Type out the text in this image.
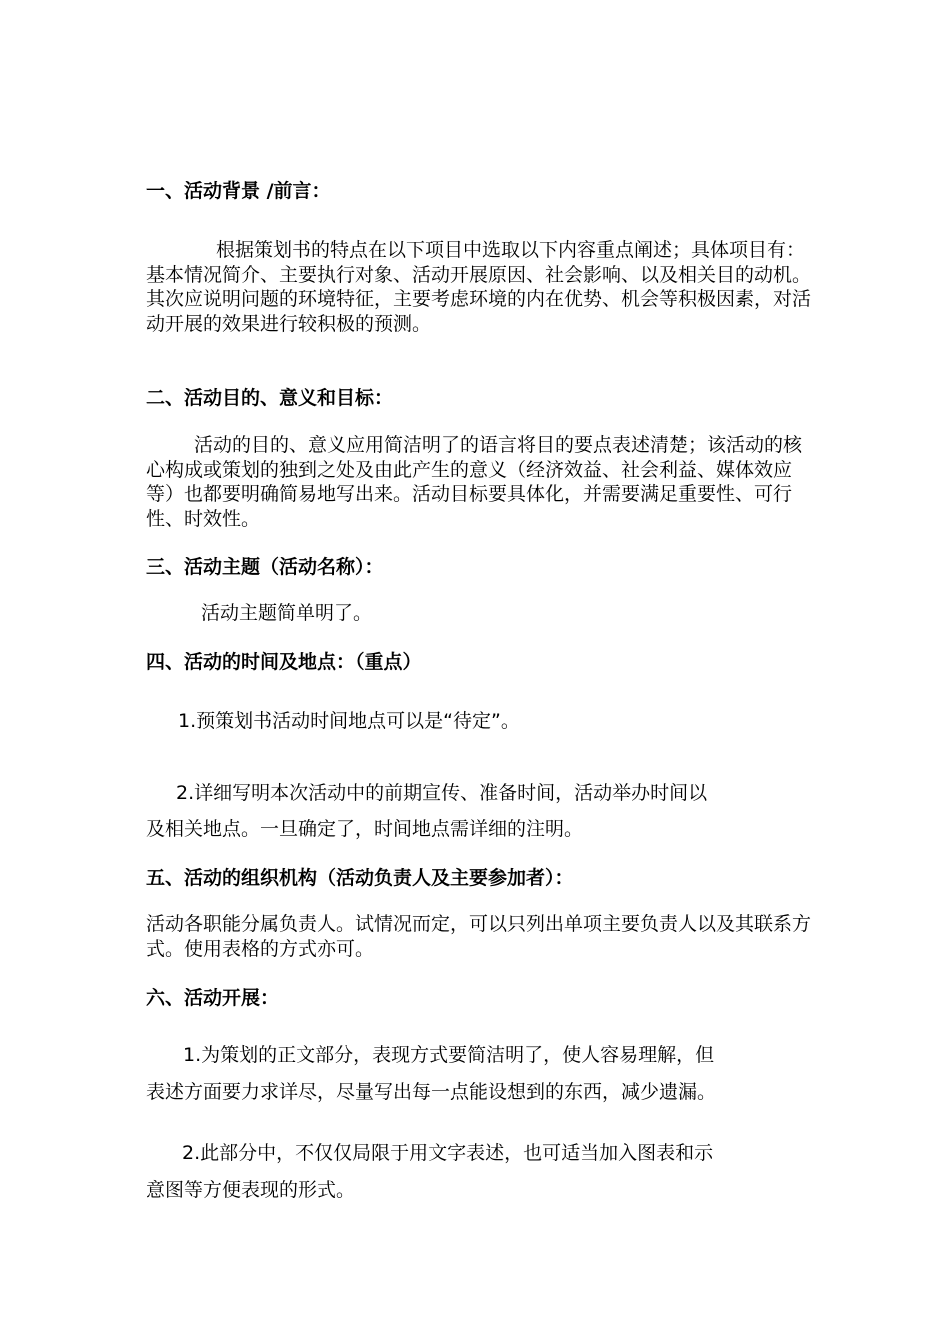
一、活动背景 /前言：
根据策划书的特点在以下项目中选取以下内容重点阐述；具体项目有：基本情况简介、主要执行对象、活动开展原因、社会影响、以及相关目的动机。其次应说明问题的环境特征，主要考虑环境的内在优势、机会等积极因素，对活动开展的效果进行较积极的预测。
二、活动目的、意义和目标：
活动的目的、意义应用简洁明了的语言将目的要点表述清楚；该活动的核心构成或策划的独到之处及由此产生的意义（经济效益、社会利益、媒体效应等）也都要明确简易地写出来。活动目标要具体化，并需要满足重要性、可行性、时效性。
三、活动主题（活动名称）：
活动主题简单明了。
四、活动的时间及地点：（重点）
1.预策划书活动时间地点可以是“待定”。
2.详细写明本次活动中的前期宣传、准备时间，活动举办时间以
及相关地点。一旦确定了，时间地点需详细的注明。
五、活动的组织机构（活动负责人及主要参加者）：
活动各职能分属负责人。试情况而定，可以只列出单项主要负责人以及其联系方式。使用表格的方式亦可。
六、活动开展：
1.为策划的正文部分，表现方式要简洁明了，使人容易理解，但
表述方面要力求详尽，尽量写出每一点能设想到的东西，减少遗漏。
2.此部分中，不仅仅局限于用文字表述，也可适当加入图表和示
意图等方便表现的形式。
